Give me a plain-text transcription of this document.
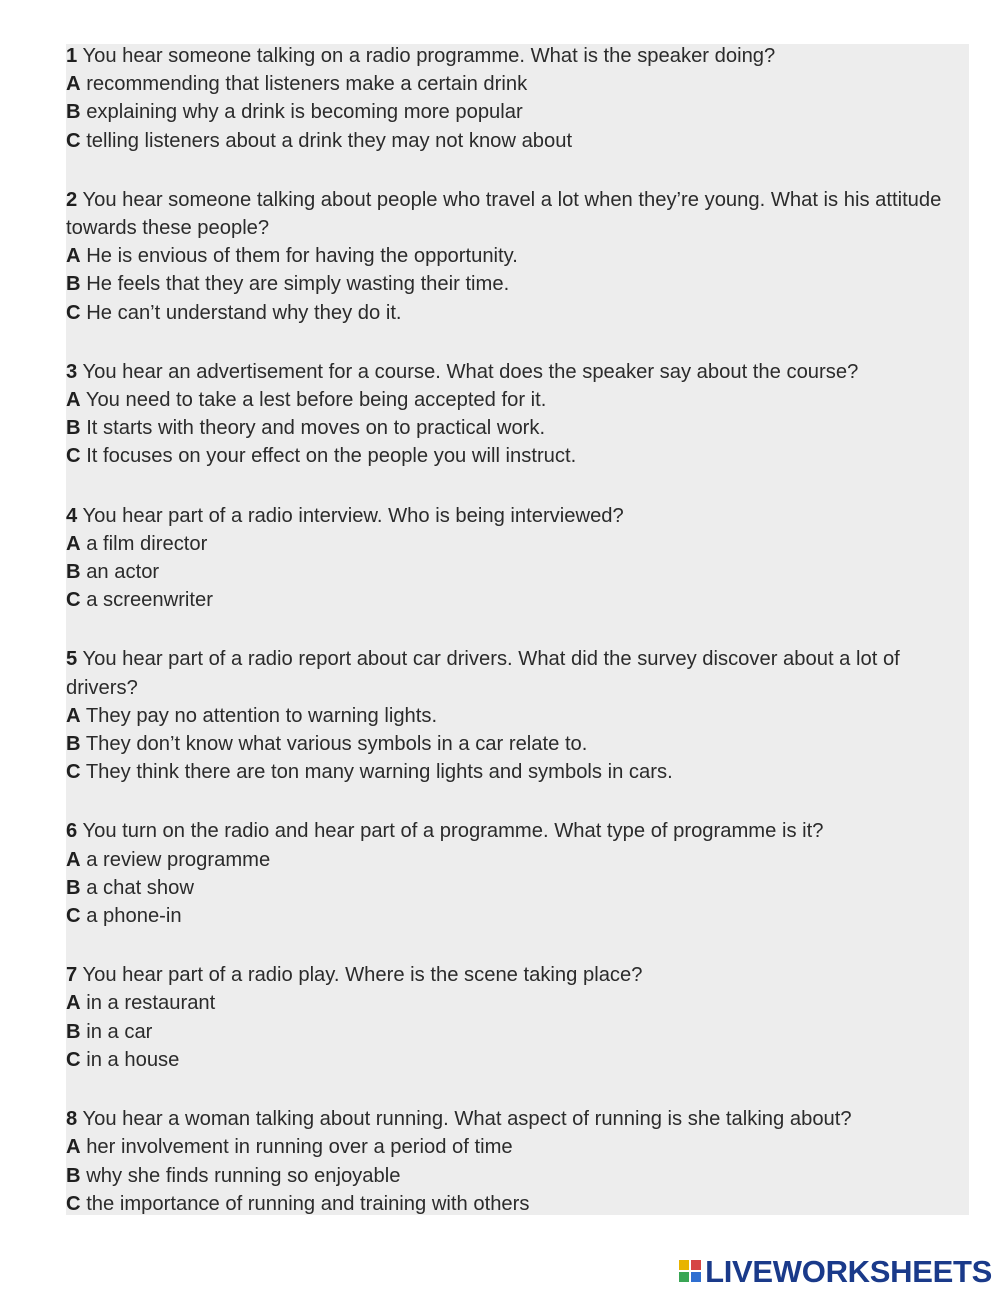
1 You hear someone talking on a radio programme. What is the speaker doing?

A recommending that listeners make a certain drink

B explaining why a drink is becoming more popular

C telling listeners about a drink they may not know about

2 You hear someone talking about people who travel a lot when they’re young. What is his attitude towards these people?

A He is envious of them for having the opportunity.

B He feels that they are simply wasting their time.

C He can’t understand why they do it.

3 You hear an advertisement for a course. What does the speaker say about the course?

A You need to take a lest before being accepted for it.

B It starts with theory and moves on to practical work.

C It focuses on your effect on the people you will instruct.

4 You hear part of a radio interview. Who is being interviewed?

A a film director

B an actor

C a screenwriter

5 You hear part of a radio report about car drivers. What did the survey discover about a lot of drivers?

A They pay no attention to warning lights.

B They don’t know what various symbols in a car relate to.

C They think there are ton many warning lights and symbols in cars.

6 You turn on the radio and hear part of a programme. What type of programme is it?

A a review programme

B a chat show

C a phone-in

7 You hear part of a radio play. Where is the scene taking place?

A in a restaurant

B in a car

C in a house

8 You hear a woman talking about running. What aspect of running is she talking about?

A her involvement in running over a period of time

B why she finds running so enjoyable

C the importance of running and training with others

LIVEWORKSHEETS
